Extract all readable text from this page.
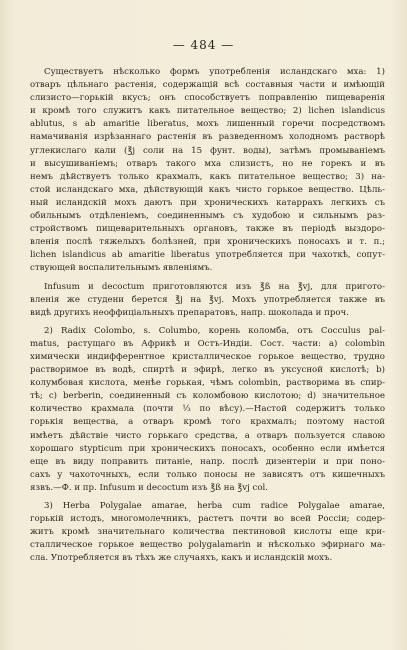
— 484 —
Существуетъ нѣсколько формъ употребленія исландскаго мха: 1)
отваръ цѣльнаго растенія, содержащій всѣ составныя части и имѣющій
слизисто—горькій вкусъ; онъ способствуетъ поправленію пищеваренія
и кромѣ того служитъ какъ питательное вещество; 2) lichen islandicus
ablutus, s ab amaritie liberatus, мохъ лишенный горечи посредствомъ
намачиванія изрѣзаннаго растенія въ разведенномъ холодномъ растворѣ
углекислаго кали (℥j соли на 15 фунт. воды), затѣмъ промываніемъ
и высушиваніемъ; отваръ такого мха слизистъ, но не горекъ и въ
немъ дѣйствуетъ только крахмалъ, какъ питательное вещество; 3) на-
стой исландскаго мха, дѣйствующій какъ чисто горькое вещество. Цѣль-
ный исландскій мохъ даютъ при хроническихъ катаррахъ легкихъ съ
обильнымъ отдѣленіемъ, соединеннымъ съ худобою и сильнымъ раз-
стройствомъ пищеварительныхъ органовъ, также въ періодѣ выздоро-
вленія послѣ тяжелыхъ болѣзней, при хроническихъ поносахъ и т. п.;
lichen islandicus ab amaritie liberatus употребляется при чахоткѣ, сопут-
ствующей воспалительнымъ явленіямъ.
Infusum и decoctum приготовляются изъ ℥ß на ℥vj, для пригото-
вленія же студени берется ℥j на ℥vj. Мохъ употребляется также въ
видѣ другихъ неоффиціальныхъ препаратовъ, напр. шоколада и проч.
2) Radix Colombo, s. Columbo, корень коломба, отъ Cocculus pal-
matus, растущаго въ Африкѣ и Остъ-Индіи. Сост. части: a) colombin
химически индифферентное кристаллическое горькое вещество, трудно
растворимое въ водѣ, спиртѣ и эфирѣ, легко въ уксусной кислотѣ; b)
колумбовая кислота, менѣе горькая, чѣмъ colombin, растворима въ спир-
тѣ; c) berberin, соединенный съ коломбовою кислотою; d) значительное
количество крахмала (почти ⅓ по вѣсу).—Настой содержитъ только
горькія вещества, а отваръ кромѣ того крахмалъ; поэтому настой
имѣетъ дѣйствіе чисто горькаго средства, а отваръ пользуется славою
хорошаго stypticum при хроническихъ поносахъ, особенно если имѣется
еще въ виду поправить питаніе, напр. послѣ дизентеріи и при поно-
сахъ у чахоточныхъ, если только поносы не зависятъ отъ кишечныхъ
язвъ.—Ф. и пр. Infusum и decoctum изъ ℥ß на ℥vj col.
3) Herba Polygalae amarae, herba cum radice Polygalae amarae,
горькій истодъ, многомолечникъ, растетъ почти во всей Россіи; содер-
житъ кромѣ значительнаго количества пектиновой кислоты еще кри-
сталлическое горькое вещество polygalamarin и нѣсколько эфирнаго ма-
сла. Употребляется въ тѣхъ же случаяхъ, какъ и исландскій мохъ.
